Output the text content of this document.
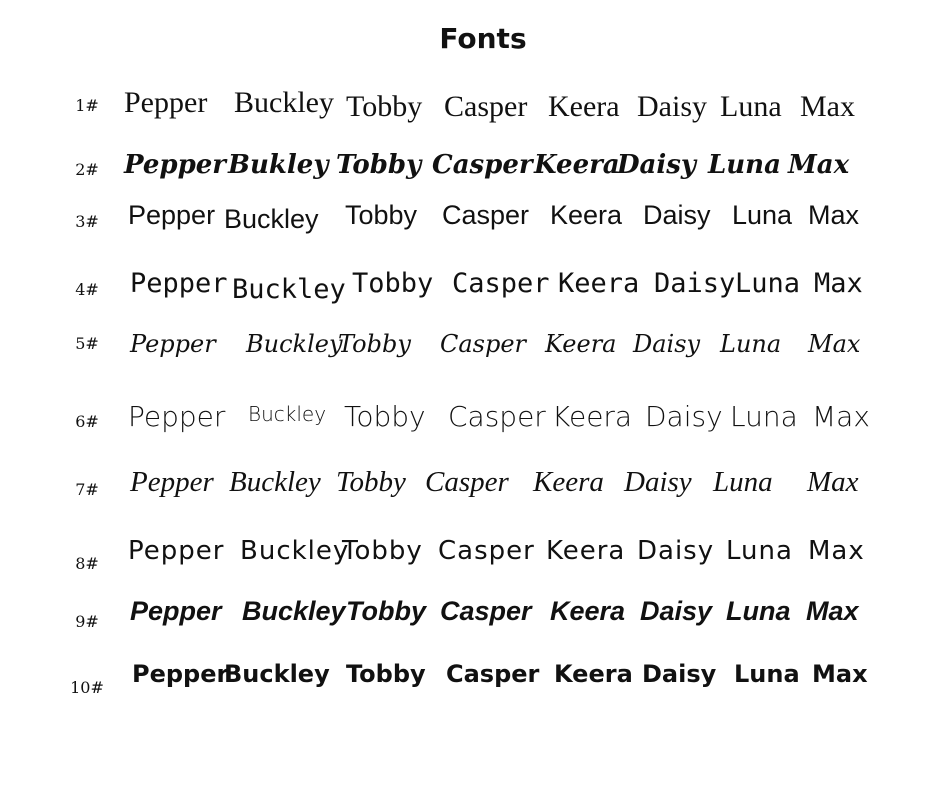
Fonts
1# Pepper Buckley Tobby Casper Keera Daisy Luna Max
2# Pepper Bukley Tobby Casper Keera
Daisy Luna Max
3# Pepper Buckley Tobby Casper Keera Daisy Luna Max
4# Pepper Buckley Tobby Casper Keera Daisy Luna Max
5# Pepper Buckley
Tobby Casper Keera Daisy Luna Max
6# Pepper Buckley Tobby Casper Keera Daisy Luna Max
7# Pepper Buckley Tobby Casper Keera Daisy Luna Max
8# Pepper Buckley
Tobby Casper Keera Daisy Luna Max
9# Pepper Buckley Tobby Casper Keera Daisy Luna Max
10# Pepper
Buckley Tobby Casper Keera Daisy Luna Max
